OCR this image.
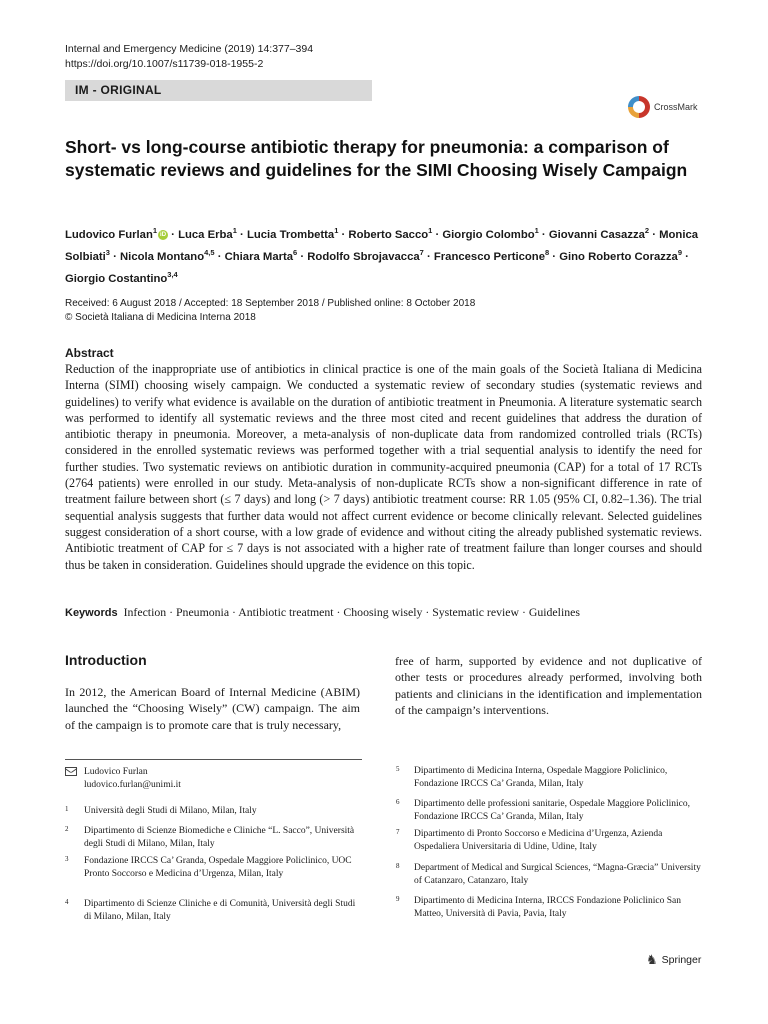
Internal and Emergency Medicine (2019) 14:377–394
https://doi.org/10.1007/s11739-018-1955-2
IM - ORIGINAL
CrossMark
Short- vs long-course antibiotic therapy for pneumonia: a comparison of systematic reviews and guidelines for the SIMI Choosing Wisely Campaign
Ludovico Furlan$^1$ iD · Luca Erba$^1$ · Lucia Trombetta$^1$ · Roberto Sacco$^1$ · Giorgio Colombo$^1$ · Giovanni Casazza$^2$ · Monica Solbiati$^3$ · Nicola Montano$^{4,5}$ · Chiara Marta$^6$ · Rodolfo Sbrojavacca$^7$ · Francesco Perticone$^8$ · Gino Roberto Corazza$^9$ · Giorgio Costantino$^{3,4}$
Received: 6 August 2018 / Accepted: 18 September 2018 / Published online: 8 October 2018
© Società Italiana di Medicina Interna 2018
Abstract
Reduction of the inappropriate use of antibiotics in clinical practice is one of the main goals of the Società Italiana di Medicina Interna (SIMI) choosing wisely campaign. We conducted a systematic review of secondary studies (systematic reviews and guidelines) to verify what evidence is available on the duration of antibiotic treatment in Pneumonia. A literature systematic search was performed to identify all systematic reviews and the three most cited and recent guidelines that address the duration of antibiotic therapy in pneumonia. Moreover, a meta-analysis of non-duplicate data from randomized controlled trials (RCTs) considered in the enrolled systematic reviews was performed together with a trial sequential analysis to identify the need for further studies. Two systematic reviews on antibiotic duration in community-acquired pneumonia (CAP) for a total of 17 RCTs (2764 patients) were enrolled in our study. Meta-analysis of non-duplicate RCTs show a non-significant difference in rate of treatment failure between short (≤ 7 days) and long (> 7 days) antibiotic treatment course: RR 1.05 (95% CI, 0.82–1.36). The trial sequential analysis suggests that further data would not affect current evidence or become clinically relevant. Selected guidelines suggest consideration of a short course, with a low grade of evidence and without citing the already published systematic reviews. Antibiotic treatment of CAP for ≤ 7 days is not associated with a higher rate of treatment failure than longer courses and should thus be taken in consideration. Guidelines should upgrade the evidence on this topic.
Keywords Infection · Pneumonia · Antibiotic treatment · Choosing wisely · Systematic review · Guidelines
Introduction
In 2012, the American Board of Internal Medicine (ABIM) launched the “Choosing Wisely” (CW) campaign. The aim of the campaign is to promote care that is truly necessary,
free of harm, supported by evidence and not duplicative of other tests or procedures already performed, involving both patients and clinicians in the identification and implementation of the campaign’s interventions.
Ludovico Furlan
ludovico.furlan@unimi.it
1 Università degli Studi di Milano, Milan, Italy
2 Dipartimento di Scienze Biomediche e Cliniche “L. Sacco”, Università degli Studi di Milano, Milan, Italy
3 Fondazione IRCCS Ca’ Granda, Ospedale Maggiore Policlinico, UOC Pronto Soccorso e Medicina d’Urgenza, Milan, Italy
4 Dipartimento di Scienze Cliniche e di Comunità, Università degli Studi di Milano, Milan, Italy
5 Dipartimento di Medicina Interna, Ospedale Maggiore Policlinico, Fondazione IRCCS Ca’ Granda, Milan, Italy
6 Dipartimento delle professioni sanitarie, Ospedale Maggiore Policlinico, Fondazione IRCCS Ca’ Granda, Milan, Italy
7 Dipartimento di Pronto Soccorso e Medicina d’Urgenza, Azienda Ospedaliera Universitaria di Udine, Udine, Italy
8 Department of Medical and Surgical Sciences, “Magna-Græcia” University of Catanzaro, Catanzaro, Italy
9 Dipartimento di Medicina Interna, IRCCS Fondazione Policlinico San Matteo, Università di Pavia, Pavia, Italy
♞ Springer
